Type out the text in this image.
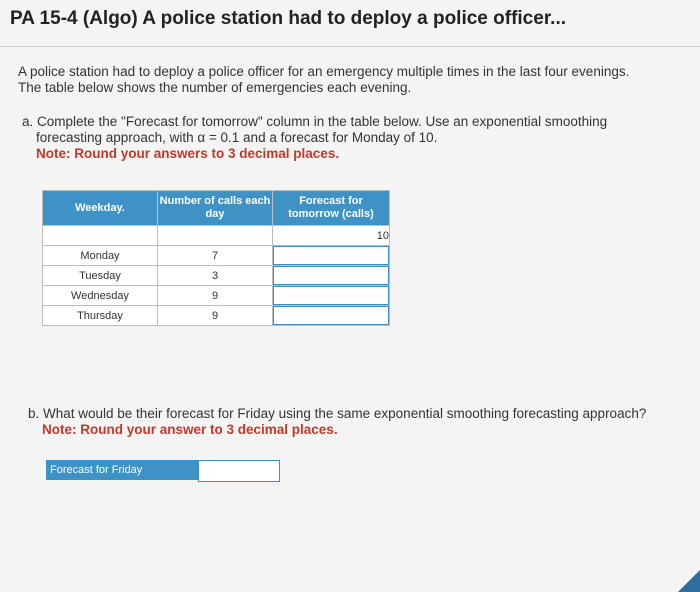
PA 15-4 (Algo) A police station had to deploy a police officer...
A police station had to deploy a police officer for an emergency multiple times in the last four evenings.
The table below shows the number of emergencies each evening.
a. Complete the "Forecast for tomorrow" column in the table below. Use an exponential smoothing
forecasting approach, with α = 0.1 and a forecast for Monday of 10.
Note: Round your answers to 3 decimal places.
Weekday.	Number of calls each day	Forecast for tomorrow (calls)
		10
Monday	7	

Tuesday	3	

Wednesday	9	

Thursday	9	
b. What would be their forecast for Friday using the same exponential smoothing forecasting approach?
Note: Round your answer to 3 decimal places.
Forecast for Friday
